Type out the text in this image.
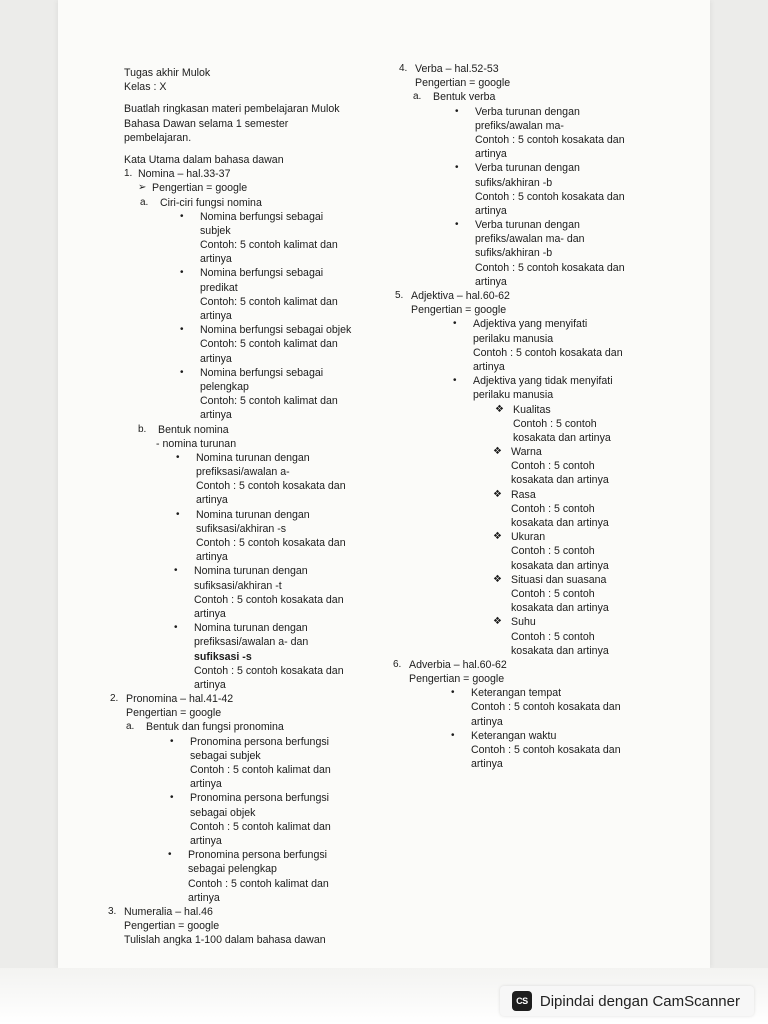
Tugas akhir Mulok
Kelas : X
Buatlah ringkasan materi pembelajaran Mulok
Bahasa Dawan selama 1 semester
pembelajaran.
Kata Utama dalam bahasa dawan
1. Nomina – hal.33-37
➢ Pengertian = google
a. Ciri-ciri fungsi nomina
• Nomina berfungsi sebagai
subjek
Contoh: 5 contoh kalimat dan
artinya
• Nomina berfungsi sebagai
predikat
Contoh: 5 contoh kalimat dan
artinya
• Nomina berfungsi sebagai objek
Contoh: 5 contoh kalimat dan
artinya
• Nomina berfungsi sebagai
pelengkap
Contoh: 5 contoh kalimat dan
artinya
b. Bentuk nomina
- nomina turunan
• Nomina turunan dengan
prefiksasi/awalan a-
Contoh : 5 contoh kosakata dan
artinya
• Nomina turunan dengan
sufiksasi/akhiran -s
Contoh : 5 contoh kosakata dan
artinya
• Nomina turunan dengan
sufiksasi/akhiran -t
Contoh : 5 contoh kosakata dan
artinya
• Nomina turunan dengan
prefiksasi/awalan a- dan
sufiksasi -s
Contoh : 5 contoh kosakata dan
artinya
2. Pronomina – hal.41-42
Pengertian = google
a. Bentuk dan fungsi pronomina
• Pronomina persona berfungsi
sebagai subjek
Contoh : 5 contoh kalimat dan
artinya
• Pronomina persona berfungsi
sebagai objek
Contoh : 5 contoh kalimat dan
artinya
• Pronomina persona berfungsi
sebagai pelengkap
Contoh : 5 contoh kalimat dan
artinya
3. Numeralia – hal.46
Pengertian = google
Tulislah angka 1-100 dalam bahasa dawan
4. Verba – hal.52-53
Pengertian = google
a. Bentuk verba
• Verba turunan dengan
prefiks/awalan ma-
Contoh : 5 contoh kosakata dan
artinya
• Verba turunan dengan
sufiks/akhiran -b
Contoh : 5 contoh kosakata dan
artinya
• Verba turunan dengan
prefiks/awalan ma- dan
sufiks/akhiran -b
Contoh : 5 contoh kosakata dan
artinya
5. Adjektiva – hal.60-62
Pengertian = google
• Adjektiva yang menyifati
perilaku manusia
Contoh : 5 contoh kosakata dan
artinya
• Adjektiva yang tidak menyifati
perilaku manusia
❖ Kualitas
Contoh : 5 contoh
kosakata dan artinya
❖ Warna
Contoh : 5 contoh
kosakata dan artinya
❖ Rasa
Contoh : 5 contoh
kosakata dan artinya
❖ Ukuran
Contoh : 5 contoh
kosakata dan artinya
❖ Situasi dan suasana
Contoh : 5 contoh
kosakata dan artinya
❖ Suhu
Contoh : 5 contoh
kosakata dan artinya
6. Adverbia – hal.60-62
Pengertian = google
• Keterangan tempat
Contoh : 5 contoh kosakata dan
artinya
• Keterangan waktu
Contoh : 5 contoh kosakata dan
artinya
CS Dipindai dengan CamScanner
